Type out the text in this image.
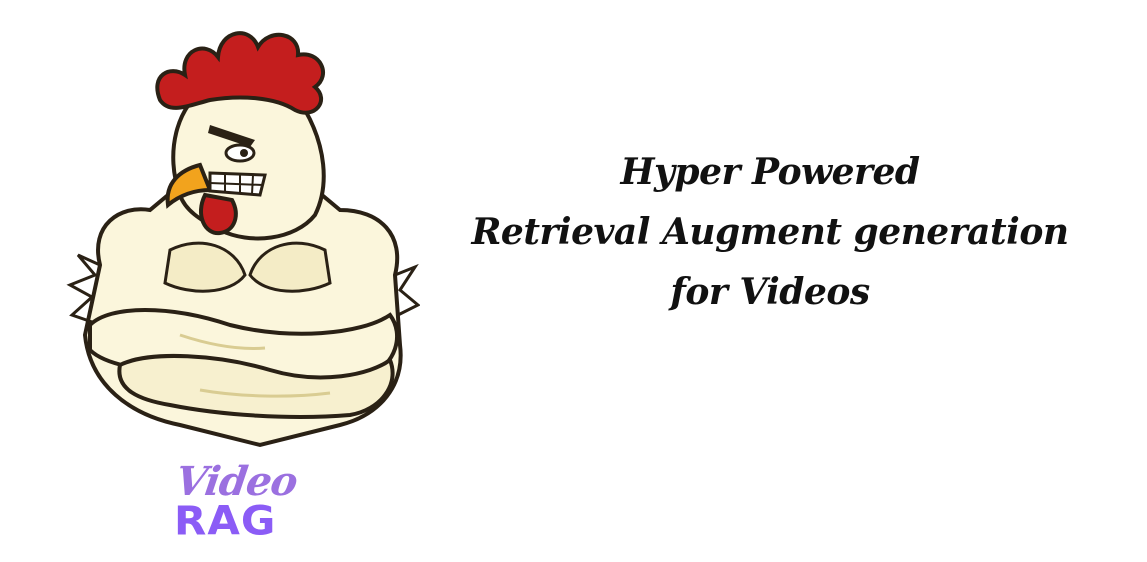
Video
RAG
Hyper Powered
Retrieval Augment generation
for Videos
